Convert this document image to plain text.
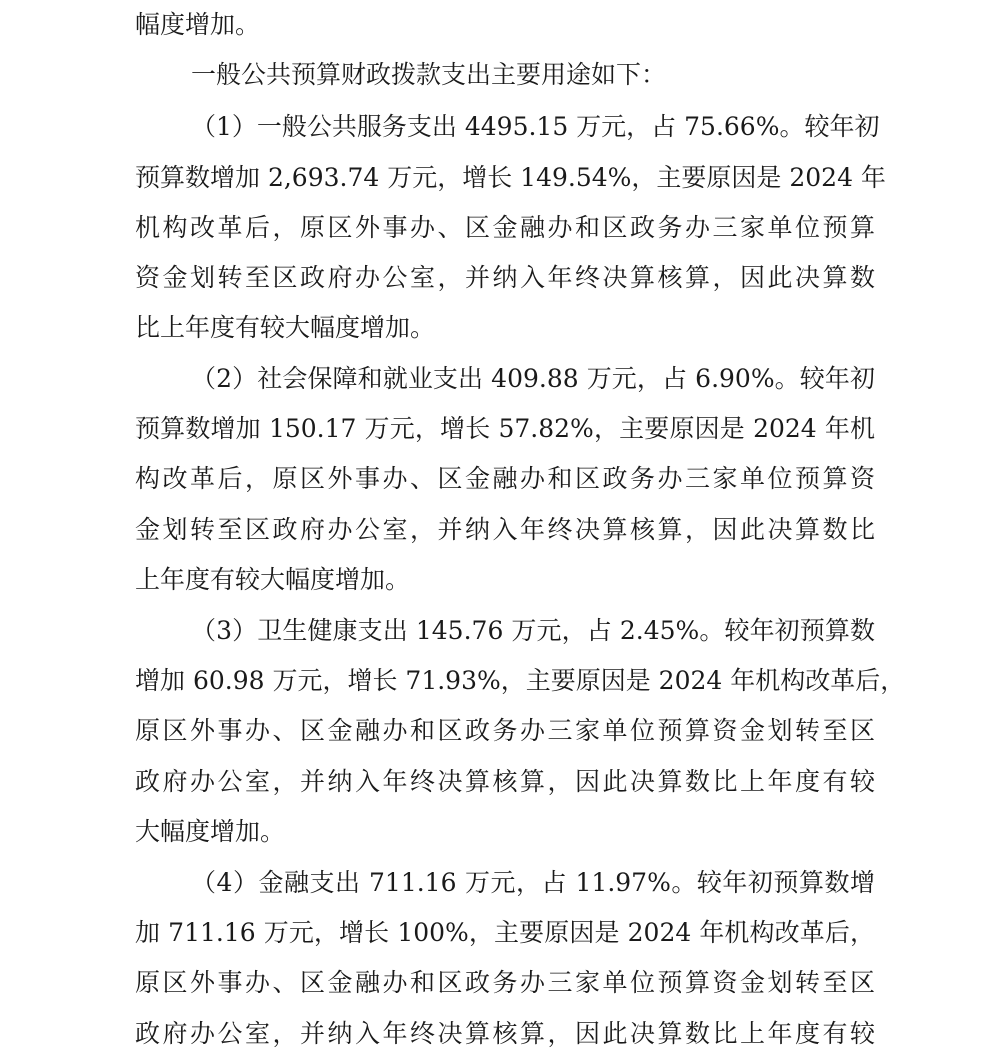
幅度增加。
一般公共预算财政拨款支出主要用途如下：
（1）一般公共服务支出 4495.15 万元，占 75.66%。较年初
预算数增加 2,693.74 万元，增长 149.54%，主要原因是 2024 年
机构改革后，原区外事办、区金融办和区政务办三家单位预算
资金划转至区政府办公室，并纳入年终决算核算，因此决算数
比上年度有较大幅度增加。
（2）社会保障和就业支出 409.88 万元，占 6.90%。较年初
预算数增加 150.17 万元，增长 57.82%，主要原因是 2024 年机
构改革后，原区外事办、区金融办和区政务办三家单位预算资
金划转至区政府办公室，并纳入年终决算核算，因此决算数比
上年度有较大幅度增加。
（3）卫生健康支出 145.76 万元，占 2.45%。较年初预算数
增加 60.98 万元，增长 71.93%，主要原因是 2024 年机构改革后，
原区外事办、区金融办和区政务办三家单位预算资金划转至区
政府办公室，并纳入年终决算核算，因此决算数比上年度有较
大幅度增加。
（4）金融支出 711.16 万元，占 11.97%。较年初预算数增
加 711.16 万元，增长 100%，主要原因是 2024 年机构改革后，
原区外事办、区金融办和区政务办三家单位预算资金划转至区
政府办公室，并纳入年终决算核算，因此决算数比上年度有较
